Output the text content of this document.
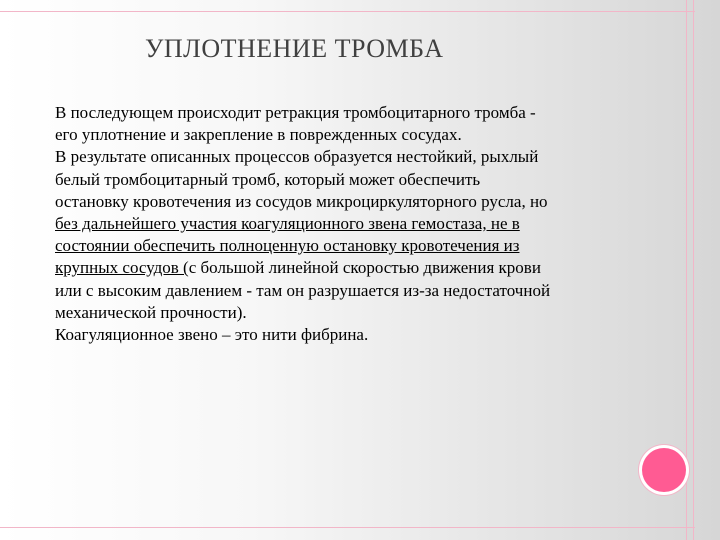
УПЛОТНЕНИЕ ТРОМБА
В последующем происходит ретракция тромбоцитарного тромба -
его уплотнение и закрепление в поврежденных сосудах.
В результате описанных процессов образуется нестойкий, рыхлый
белый тромбоцитарный тромб, который может обеспечить
остановку кровотечения из сосудов микроциркуляторного русла, но
без дальнейшего участия коагуляционного звена гемостаза, не в
состоянии обеспечить полноценную остановку кровотечения из
крупных сосудов (с большой линейной скоростью движения крови
или с высоким давлением - там он разрушается из-за недостаточной
механической прочности).
Коагуляционное звено – это нити фибрина.
